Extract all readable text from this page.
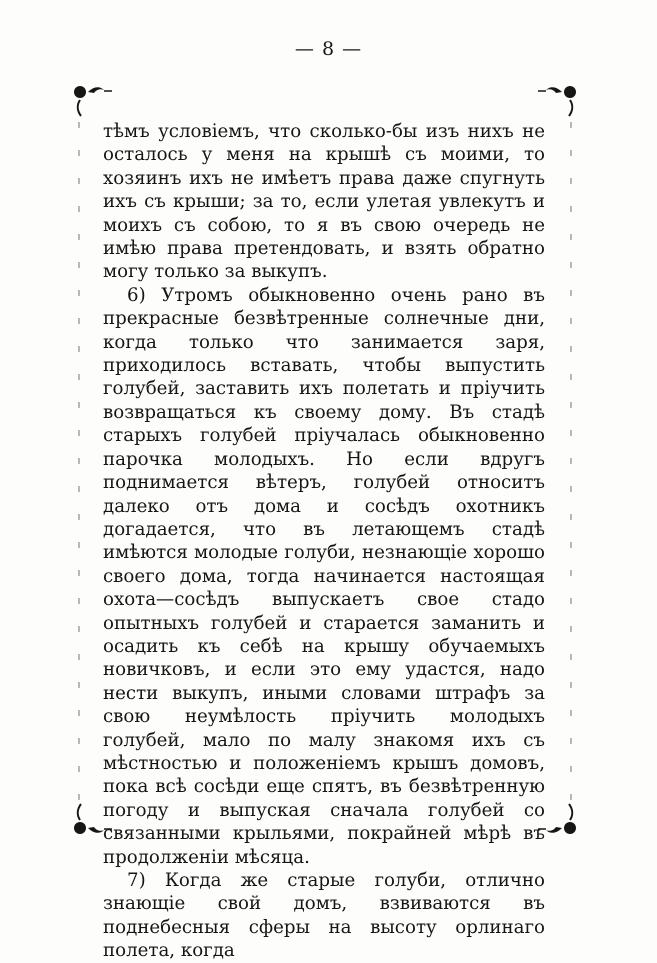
— 8 —

тѣмъ условіемъ, что сколько-бы изъ нихъ не осталось у меня на крышѣ съ моими, то хозяинъ ихъ не имѣетъ права даже спугнуть ихъ съ крыши; за то, если улетая увлекутъ и моихъ съ собою, то я въ свою очередь не имѣю права претендовать, и взять обратно могу только за выкупъ.

6) Утромъ обыкновенно очень рано въ прекрасные безвѣтренные солнечные дни, когда только что занимается заря, приходилось вставать, чтобы выпустить голубей, заставить ихъ полетать и пріучить возвращаться къ своему дому. Въ стадѣ старыхъ голубей пріучалась обыкновенно парочка молодыхъ. Но если вдругъ поднимается вѣтеръ, голубей относитъ далеко отъ дома и сосѣдъ охотникъ догадается, что въ летающемъ стадѣ имѣются молодые голуби, незнающіе хорошо своего дома, тогда начинается настоящая охота—сосѣдъ выпускаетъ свое стадо опытныхъ голубей и старается заманить и осадить къ себѣ на крышу обучаемыхъ новичковъ, и если это ему удастся, надо нести выкупъ, иными словами штрафъ за свою неумѣлость пріучить молодыхъ голубей, мало по малу знакомя ихъ съ мѣстностью и положеніемъ крышъ домовъ, пока всѣ сосѣди еще спятъ, въ безвѣтренную погоду и выпуская сначала голубей со связанными крыльями, покрайней мѣрѣ въ продолженіи мѣсяца.

7) Когда же старые голуби, отлично знающіе свой домъ, взвиваются въ поднебесныя сферы на высоту орлинаго полета, когда
